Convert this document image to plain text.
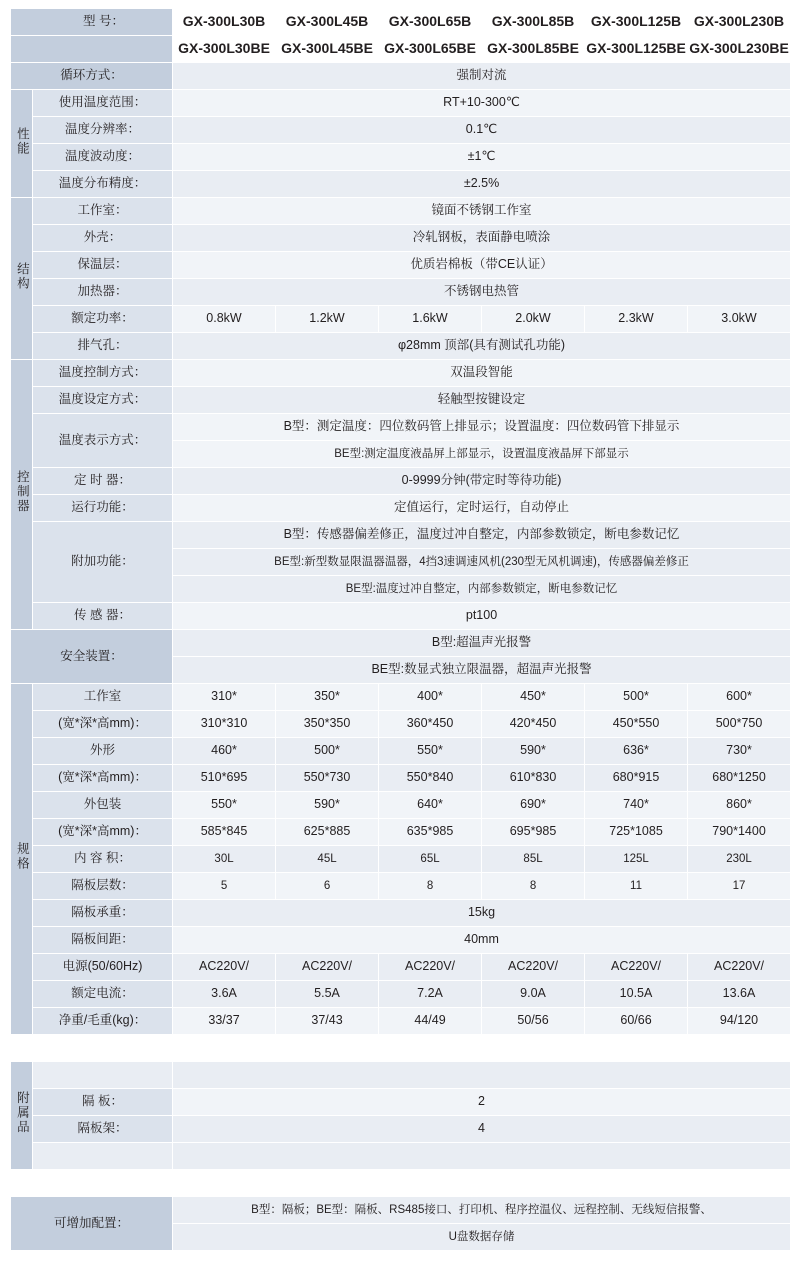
型 号：		GX-300L30B	GX-300L45B	GX-300L65B	GX-300L85B	GX-300L125B	GX-300L230B
		GX-300L30BE	GX-300L45BE	GX-300L65BE	GX-300L85BE	GX-300L125BE	GX-300L230BE
循环方式：		强制对流					
性能	使用温度范围：	RT+10-300℃					
	温度分辨率：	0.1℃					
	温度波动度：	±1℃					
	温度分布精度：	±2.5%					
结构	工作室：	镜面不锈钢工作室					
	外壳：	冷轧钢板，表面静电喷涂					
	保温层：	优质岩棉板（带CE认证）					
	加热器：	不锈钢电热管					
	额定功率：	0.8kW	1.2kW	1.6kW	2.0kW	2.3kW	3.0kW
	排气孔：	φ28mm 顶部(具有测试孔功能)					
控制器	温度控制方式：	双温段智能					
	温度设定方式：	轻触型按键设定					
	温度表示方式：	B型：测定温度：四位数码管上排显示；设置温度：四位数码管下排显示					
		BE型:测定温度液晶屏上部显示，设置温度液晶屏下部显示					
	定 时 器：	0-9999分钟(带定时等待功能)					
	运行功能：	定值运行，定时运行，自动停止					
	附加功能：	B型：传感器偏差修正，温度过冲自整定，内部参数锁定，断电参数记忆					
		BE型:新型数显限温器温器，4挡3速调速风机(230型无风机调速)，传感器偏差修正					
		BE型:温度过冲自整定，内部参数锁定，断电参数记忆					
	传 感 器：	pt100					
安全装置：		B型:超温声光报警					
		BE型:数显式独立限温器，超温声光报警					
规格	工作室	310*	350*	400*	450*	500*	600*
	(宽*深*高mm)：	310*310	350*350	360*450	420*450	450*550	500*750
	外形	460*	500*	550*	590*	636*	730*
	(宽*深*高mm)：	510*695	550*730	550*840	610*830	680*915	680*1250
	外包装	550*	590*	640*	690*	740*	860*
	(宽*深*高mm)：	585*845	625*885	635*985	695*985	725*1085	790*1400
	内 容 积：	30L	45L	65L	85L	125L	230L
	隔板层数：	5	6	8	8	11	17
	隔板承重：	15kg					
	隔板间距：	40mm					
	电源(50/60Hz)	AC220V/	AC220V/	AC220V/	AC220V/	AC220V/	AC220V/
	额定电流：	3.6A	5.5A	7.2A	9.0A	10.5A	13.6A
	净重/毛重(kg)：	33/37	37/43	44/49	50/56	60/66	94/120

附属品							
	隔 板：	2					
	隔板架：	4					

可增加配置：		B型：隔板；BE型：隔板、RS485接口、打印机、程序控温仪、远程控制、无线短信报警、					
		U盘数据存储					
